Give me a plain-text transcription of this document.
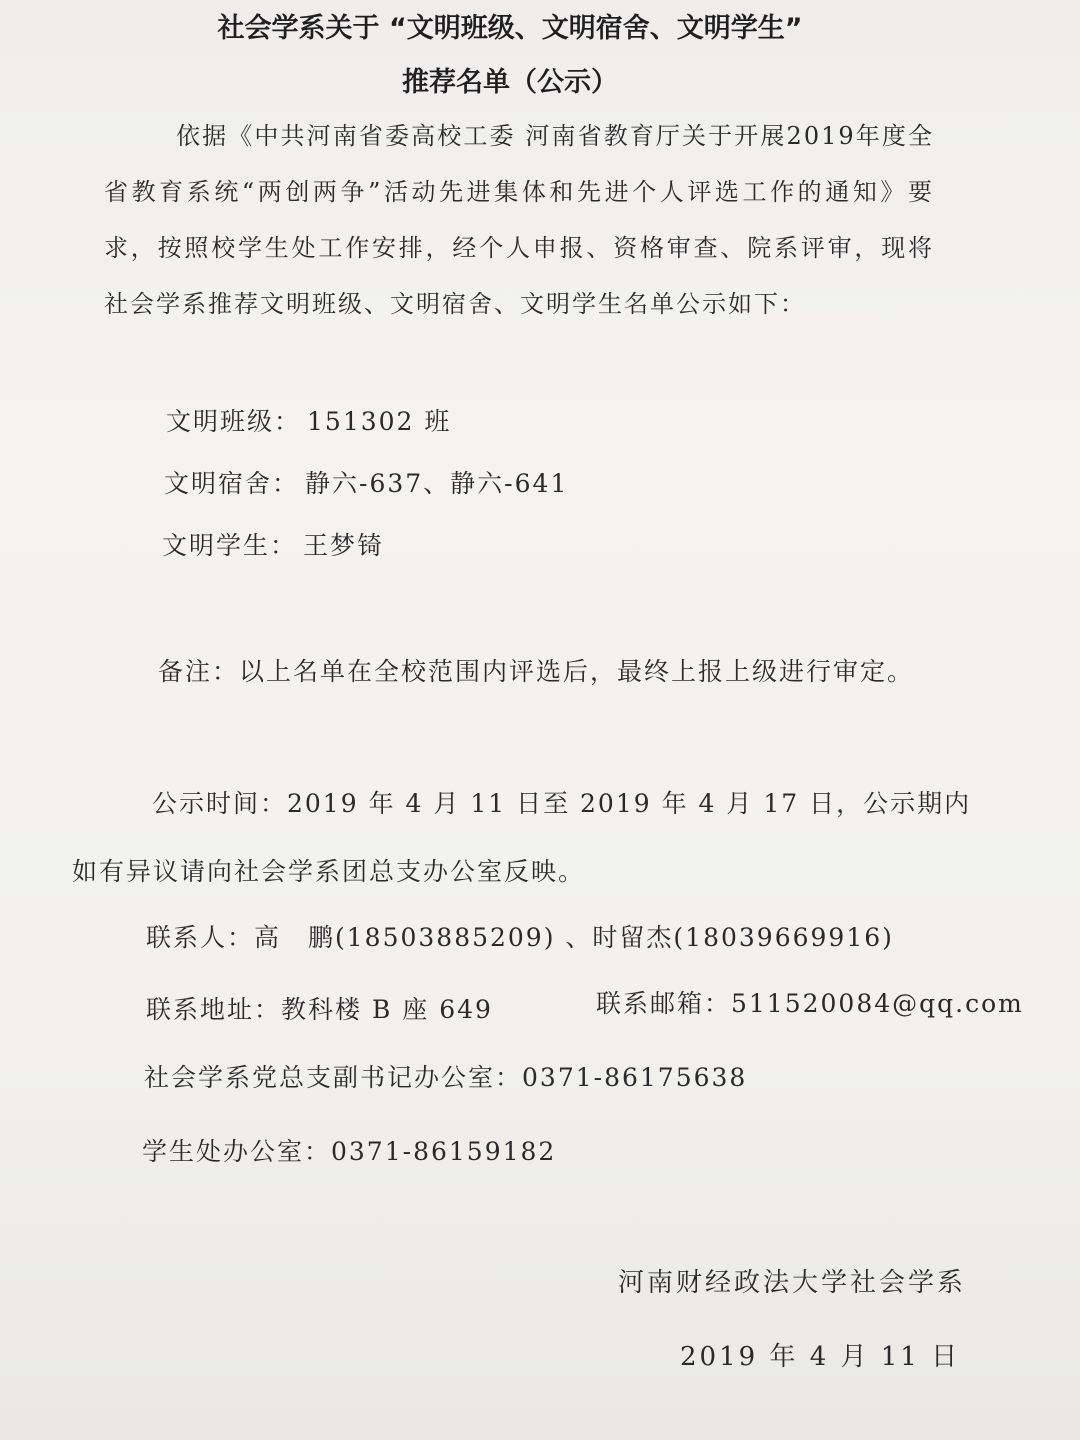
社会学系关于 “文明班级、文明宿舍、文明学生”
推荐名单（公示）
依据《中共河南省委高校工委 河南省教育厅关于开展2019年度全省教育系统“两创两争”活动先进集体和先进个人评选工作的通知》要求，按照校学生处工作安排，经个人申报、资格审查、院系评审，现将社会学系推荐文明班级、文明宿舍、文明学生名单公示如下：
文明班级： 151302 班
文明宿舍： 静六-637、静六-641
文明学生： 王梦锜
备注：以上名单在全校范围内评选后，最终上报上级进行审定。
公示时间：2019 年 4 月 11 日至 2019 年 4 月 17 日，公示期内
如有异议请向社会学系团总支办公室反映。
联系人：高　鹏(18503885209) 、时留杰(18039669916)
联系地址：教科楼 B 座 649	联系邮箱：511520084@qq.com
社会学系党总支副书记办公室：0371-86175638
学生处办公室：0371-86159182
河南财经政法大学社会学系
2019 年 4 月 11 日
